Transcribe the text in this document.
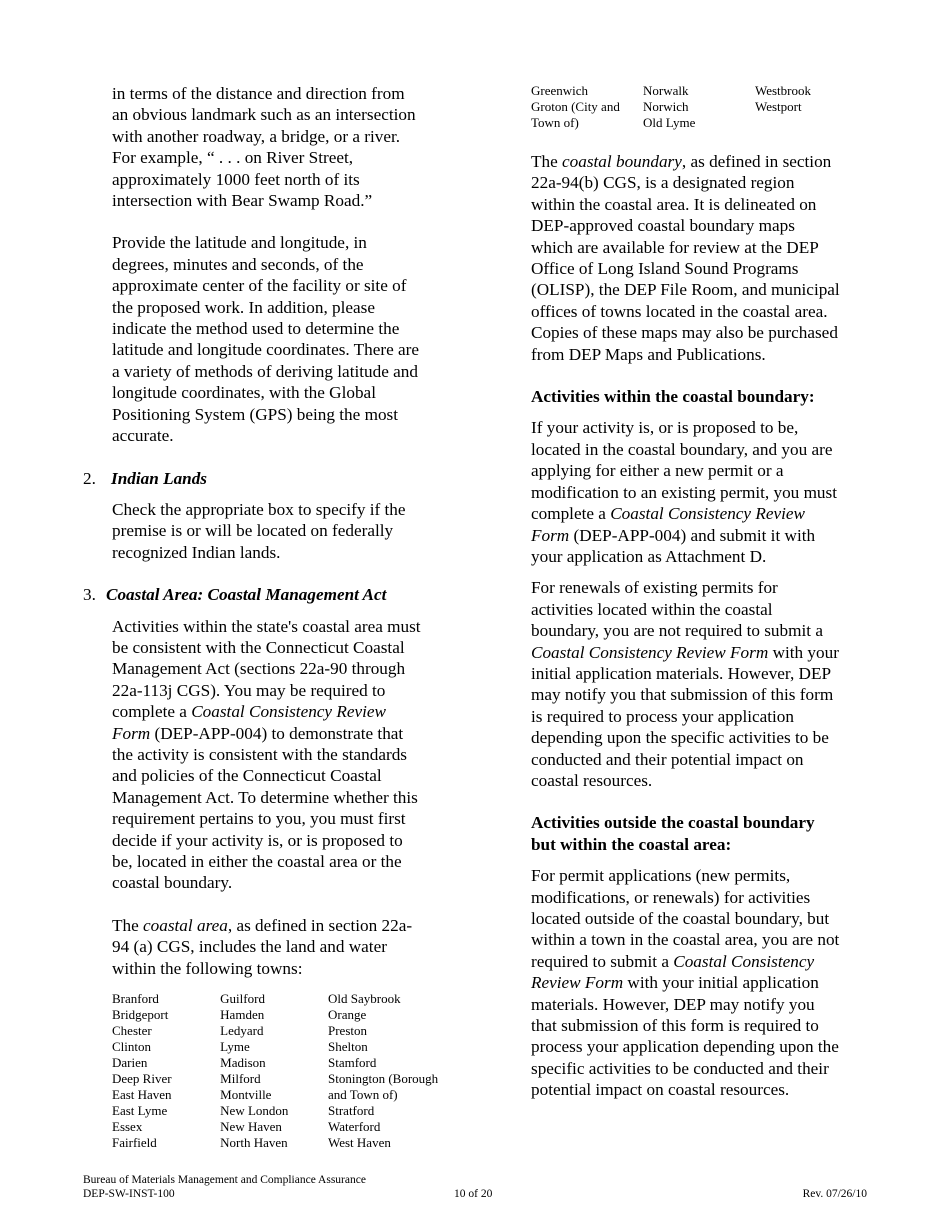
in terms of the distance and direction from

an obvious landmark such as an intersection

with another roadway, a bridge, or a river.

For example, “ . . . on River Street,

approximately 1000 feet north of its

intersection with Bear Swamp Road.”

Provide the latitude and longitude, in

degrees, minutes and seconds, of the

approximate center of the facility or site of

the proposed work. In addition, please

indicate the method used to determine the

latitude and longitude coordinates. There are

a variety of methods of deriving latitude and

longitude coordinates, with the Global

Positioning System (GPS) being the most

accurate.

2. Indian Lands

Check the appropriate box to specify if the

premise is or will be located on federally

recognized Indian lands.

3. Coastal Area: Coastal Management Act

Activities within the state's coastal area must

be consistent with the Connecticut Coastal

Management Act (sections 22a-90 through

22a-113j CGS). You may be required to

complete a Coastal Consistency Review

Form (DEP-APP-004) to demonstrate that

the activity is consistent with the standards

and policies of the Connecticut Coastal

Management Act. To determine whether this

requirement pertains to you, you must first

decide if your activity is, or is proposed to

be, located in either the coastal area or the

coastal boundary.

The coastal area, as defined in section 22a-

94 (a) CGS, includes the land and water

within the following towns:

Branford	Guilford	Old Saybrook
Bridgeport	Hamden	Orange
Chester	Ledyard	Preston
Clinton	Lyme	Shelton
Darien	Madison	Stamford
Deep River	Milford	Stonington (Borough
East Haven	Montville	and Town of)
East Lyme	New London	Stratford
Essex	New Haven	Waterford
Fairfield	North Haven	West Haven
Greenwich	Norwalk	Westbrook
Groton (City and	Norwich	Westport
Town of)	Old Lyme	

The coastal boundary, as defined in section

22a-94(b) CGS, is a designated region

within the coastal area. It is delineated on

DEP-approved coastal boundary maps

which are available for review at the DEP

Office of Long Island Sound Programs

(OLISP), the DEP File Room, and municipal

offices of towns located in the coastal area.

Copies of these maps may also be purchased

from DEP Maps and Publications.

Activities within the coastal boundary:

If your activity is, or is proposed to be,

located in the coastal boundary, and you are

applying for either a new permit or a

modification to an existing permit, you must

complete a Coastal Consistency Review

Form (DEP-APP-004) and submit it with

your application as Attachment D.

For renewals of existing permits for

activities located within the coastal

boundary, you are not required to submit a

Coastal Consistency Review Form with your

initial application materials. However, DEP

may notify you that submission of this form

is required to process your application

depending upon the specific activities to be

conducted and their potential impact on

coastal resources.

Activities outside the coastal boundary

but within the coastal area:

For permit applications (new permits,

modifications, or renewals) for activities

located outside of the coastal boundary, but

within a town in the coastal area, you are not

required to submit a Coastal Consistency

Review Form with your initial application

materials. However, DEP may notify you

that submission of this form is required to

process your application depending upon the

specific activities to be conducted and their

potential impact on coastal resources.

Bureau of Materials Management and Compliance Assurance
DEP-SW-INST-100	10 of 20	Rev. 07/26/10
